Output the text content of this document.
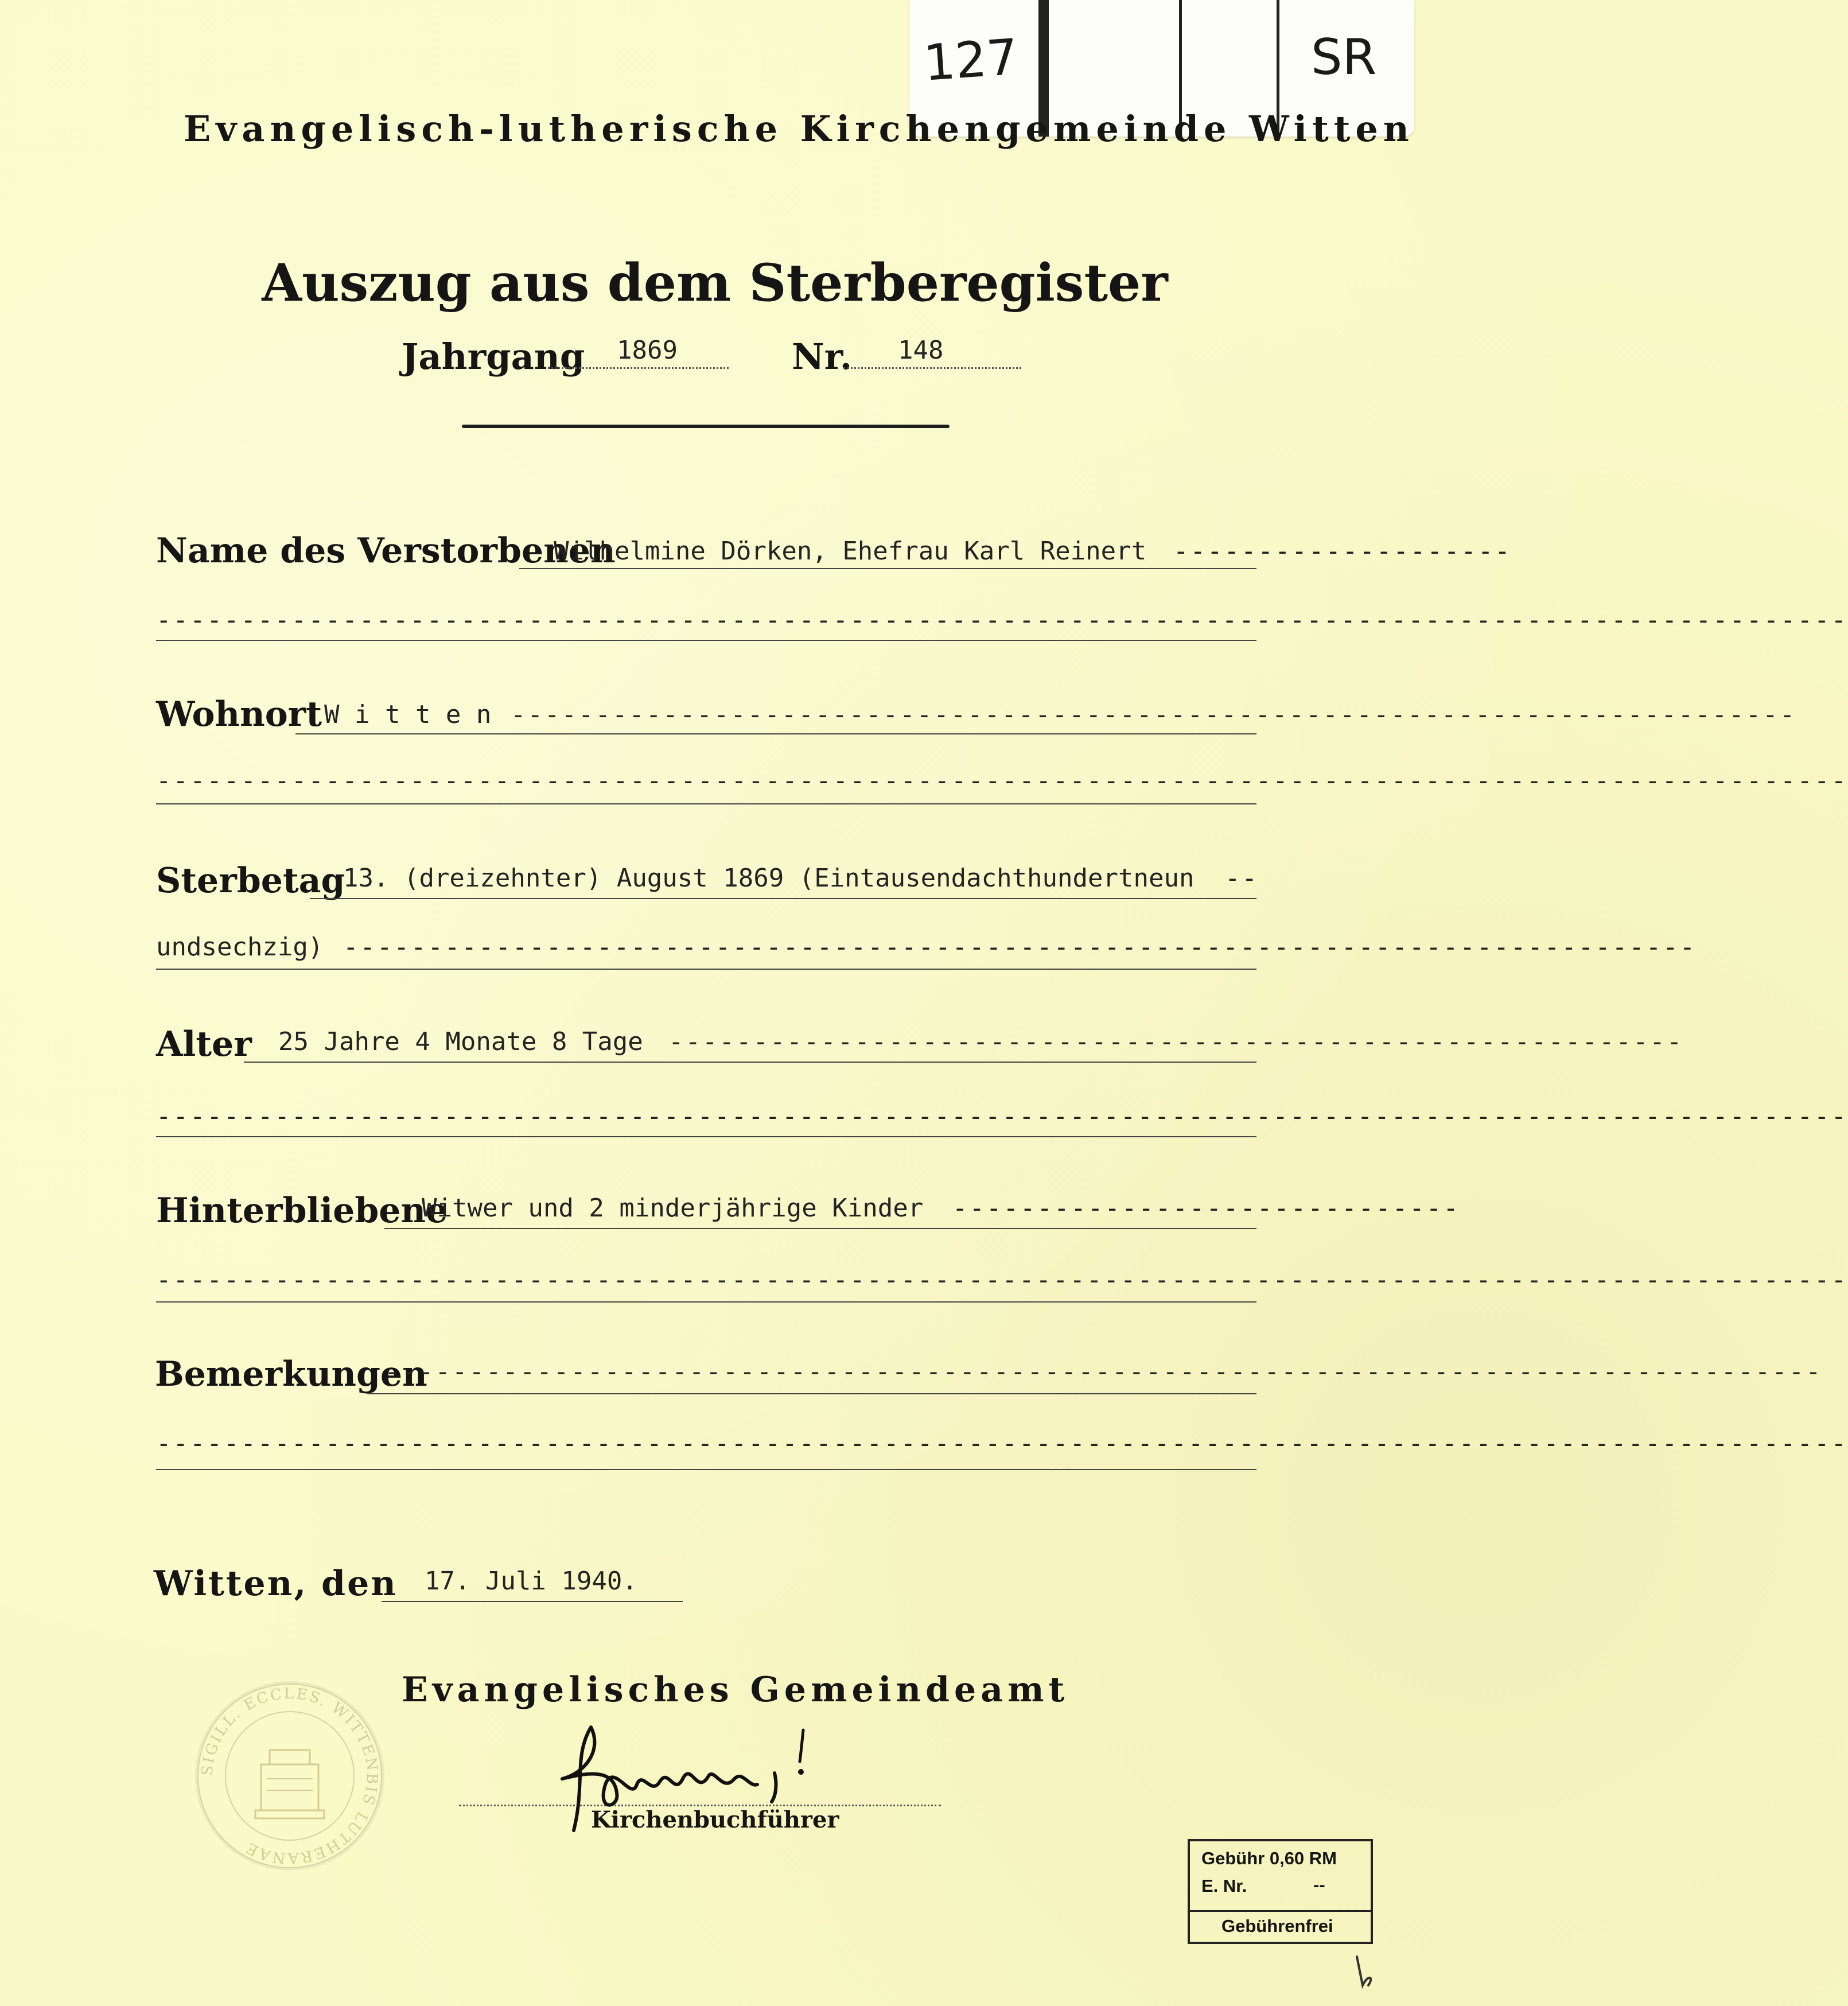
127	SR
Evangelisch-lutherische Kirchengemeinde Witten
Auszug aus dem Sterberegister
Jahrgang 1869	Nr. 148
Name des Verstorbenen
Wilhelmine Dörken, Ehefrau Karl Reinert --------------------
----------------------------------------------------------------------------------------------------
Wohnort W i t t e n ----------------------------------------------------------------------------
----------------------------------------------------------------------------------------------------
Sterbetag
13. (dreizehnter) August 1869 (Eintausendachthundertneun --
undsechzig) --------------------------------------------------------------------------------
Alter 25 Jahre 4 Monate 8 Tage ------------------------------------------------------------
----------------------------------------------------------------------------------------------------
Hinterbliebene
Witwer und 2 minderjährige Kinder ------------------------------
----------------------------------------------------------------------------------------------------
Bemerkungen
-------------------------------------------------------------------------------------
----------------------------------------------------------------------------------------------------
Witten, den 17. Juli 1940.
Evangelisches Gemeindeamt
SIGILL. ECCLES. WITTENBIS LUTHERANAE
Kirchenbuchführer
Gebühr 0,60 RM
E. Nr.	--
Gebührenfrei
